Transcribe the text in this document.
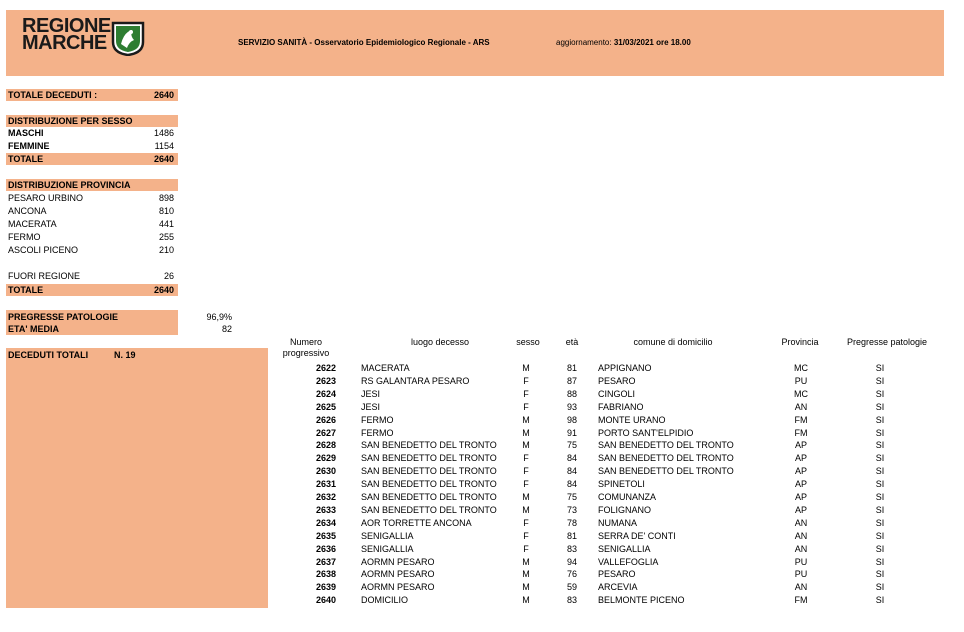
REGIONE
MARCHE	SERVIZIO SANITÀ - Osservatorio Epidemiologico Regionale - ARS	aggiornamento: 31/03/2021 ore 18.00
TOTALE DECEDUTI :	2640
DISTRIBUZIONE PER SESSO
MASCHI	1486
FEMMINE	1154
TOTALE	2640
DISTRIBUZIONE PROVINCIA
PESARO URBINO	898
ANCONA	810
MACERATA	441
FERMO	255
ASCOLI PICENO	210
FUORI REGIONE	26
TOTALE	2640
PREGRESSE PATOLOGIE	96,9%
ETA' MEDIA	82
DECEDUTI TOTALI	N. 19
Numero
progressivo
luogo decesso	sesso	età	comune di domicilio	Provincia	Pregresse patologie
2622	MACERATA	M	81	APPIGNANO	MC	SI
2623	RS GALANTARA PESARO	F	87	PESARO	PU	SI
2624	JESI	F	88	CINGOLI	MC	SI
2625	JESI	F	93	FABRIANO	AN	SI
2626	FERMO	M	98	MONTE URANO	FM	SI
2627	FERMO	M	91	PORTO SANT'ELPIDIO	FM	SI
2628	SAN BENEDETTO DEL TRONTO	M	75	SAN BENEDETTO DEL TRONTO	AP	SI
2629	SAN BENEDETTO DEL TRONTO	F	84	SAN BENEDETTO DEL TRONTO	AP	SI
2630	SAN BENEDETTO DEL TRONTO	F	84	SAN BENEDETTO DEL TRONTO	AP	SI
2631	SAN BENEDETTO DEL TRONTO	F	84	SPINETOLI	AP	SI
2632	SAN BENEDETTO DEL TRONTO	M	75	COMUNANZA	AP	SI
2633	SAN BENEDETTO DEL TRONTO	M	73	FOLIGNANO	AP	SI
2634	AOR TORRETTE ANCONA	F	78	NUMANA	AN	SI
2635	SENIGALLIA	F	81	SERRA DE' CONTI	AN	SI
2636	SENIGALLIA	F	83	SENIGALLIA	AN	SI
2637	AORMN PESARO	M	94	VALLEFOGLIA	PU	SI
2638	AORMN PESARO	M	76	PESARO	PU	SI
2639	AORMN PESARO	M	59	ARCEVIA	AN	SI
2640	DOMICILIO	M	83	BELMONTE PICENO	FM	SI
